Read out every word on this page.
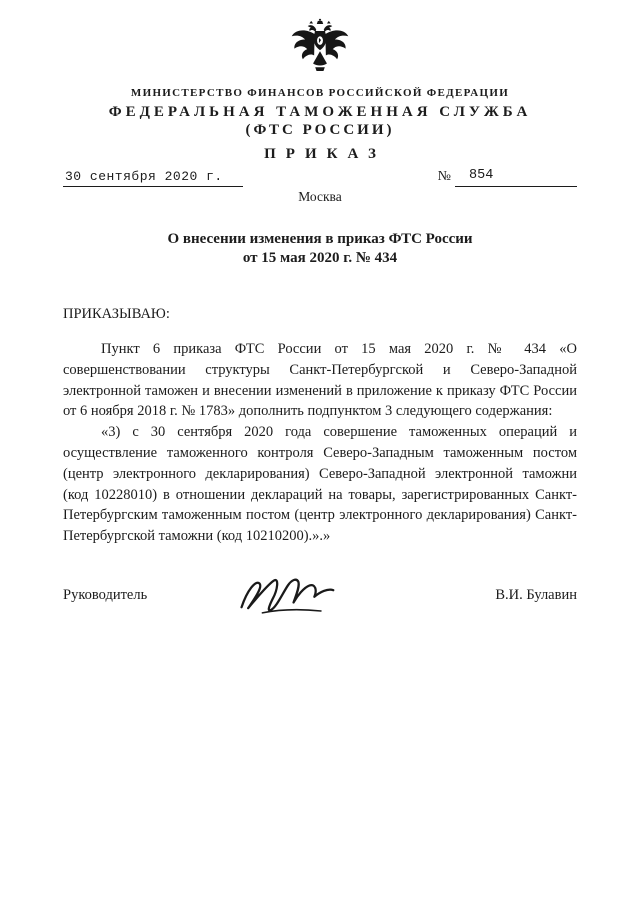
МИНИСТЕРСТВО ФИНАНСОВ РОССИЙСКОЙ ФЕДЕРАЦИИ
ФЕДЕРАЛЬНАЯ ТАМОЖЕННАЯ СЛУЖБА
(ФТС РОССИИ)
ПРИКАЗ
30 сентября 2020 г.	№	854
Москва
О внесении изменения в приказ ФТС России
от 15 мая 2020 г. № 434

ПРИКАЗЫВАЮ:

Пункт 6 приказа ФТС России от 15 мая 2020 г. № 434 «О совершенствовании структуры Санкт-Петербургской и Северо-Западной электронной таможен и внесении изменений в приложение к приказу ФТС России от 6 ноября 2018 г. № 1783» дополнить подпунктом 3 следующего содержания:

«3) с 30 сентября 2020 года совершение таможенных операций и осуществление таможенного контроля Северо-Западным таможенным постом (центр электронного декларирования) Северо-Западной электронной таможни (код 10228010) в отношении деклараций на товары, зарегистрированных Санкт-Петербургским таможенным постом (центр электронного декларирования) Санкт-Петербургской таможни (код 10210200).».»

Руководитель	В.И. Булавин
